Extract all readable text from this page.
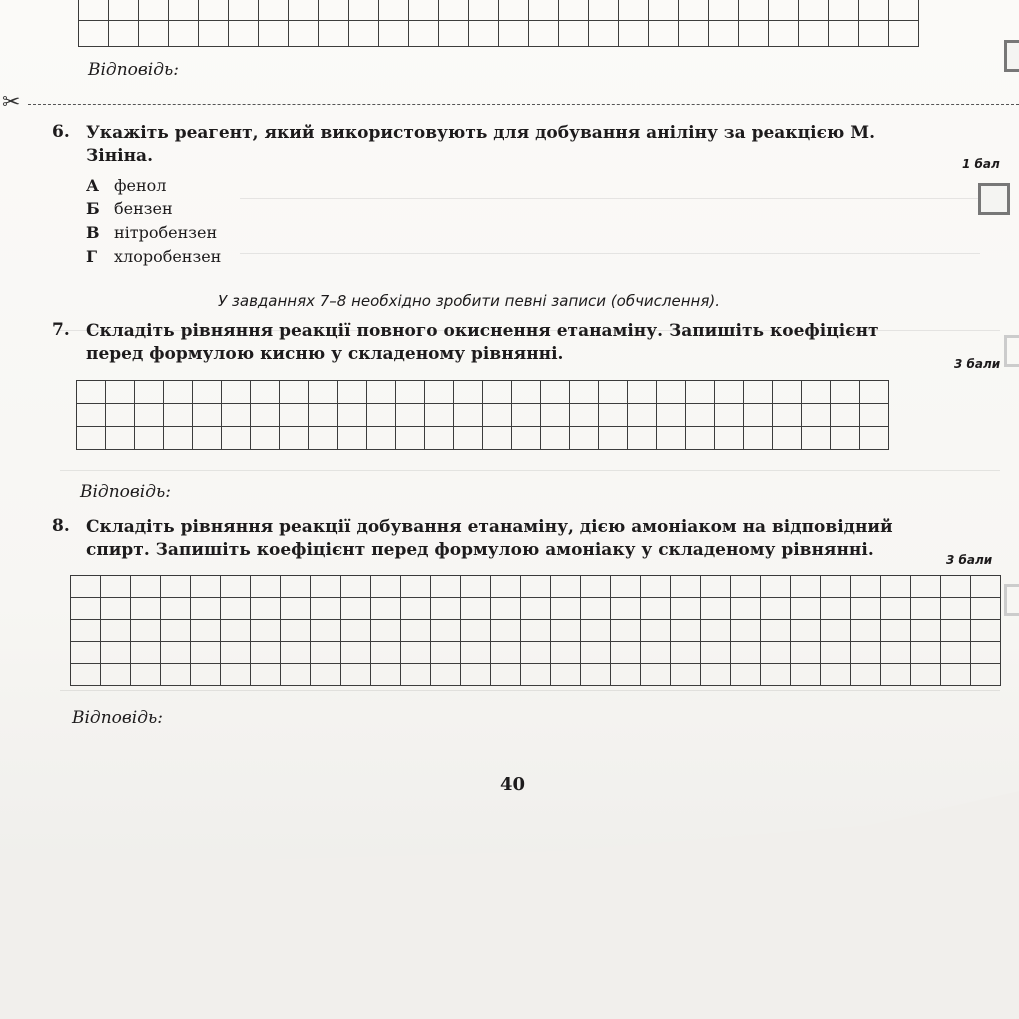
Відповідь:
✂
6. Укажіть реагент, який використовують для добування аніліну за реакцією М. Зініна.	1 бал
А фенол
Б бензен
В нітробензен
Г хлоробензен
У завданнях 7–8 необхідно зробити певні записи (обчислення).
7. Складіть рівняння реакції повного окиснення етанаміну. Запишіть коефіцієнт перед формулою кисню у складеному рівнянні.	3 бали
Відповідь:
8. Складіть рівняння реакції добування етанаміну, дією амоніаком на відповідний спирт. Запишіть коефіцієнт перед формулою амоніаку у складеному рівнянні.	3 бали
Відповідь:
40
